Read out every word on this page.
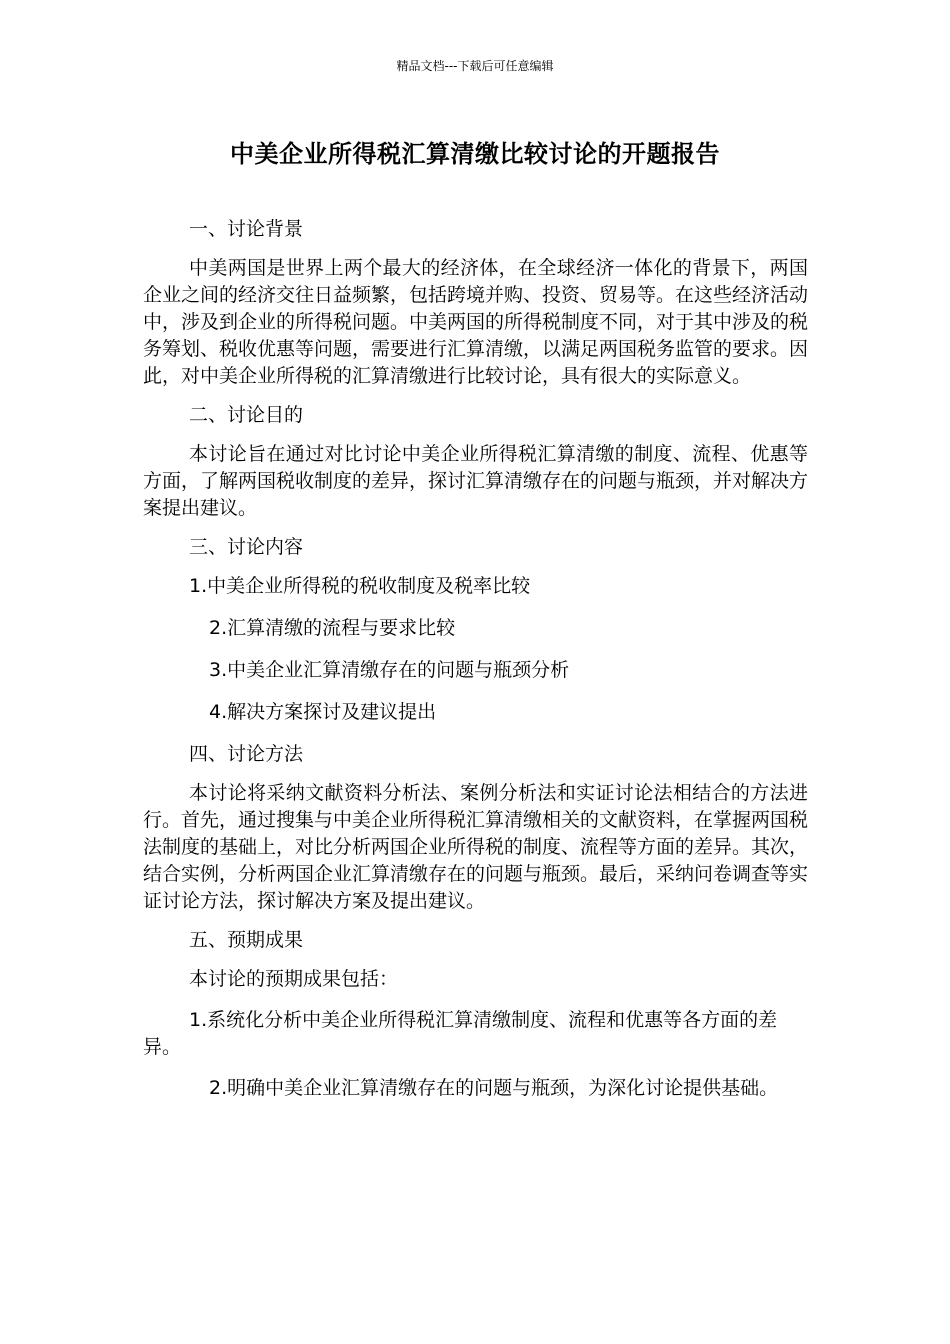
精品文档---下载后可任意编辑
中美企业所得税汇算清缴比较讨论的开题报告
一、讨论背景
中美两国是世界上两个最大的经济体，在全球经济一体化的背景下，两国企业之间的经济交往日益频繁，包括跨境并购、投资、贸易等。在这些经济活动中，涉及到企业的所得税问题。中美两国的所得税制度不同，对于其中涉及的税务筹划、税收优惠等问题，需要进行汇算清缴，以满足两国税务监管的要求。因此，对中美企业所得税的汇算清缴进行比较讨论，具有很大的实际意义。
二、讨论目的
本讨论旨在通过对比讨论中美企业所得税汇算清缴的制度、流程、优惠等方面，了解两国税收制度的差异，探讨汇算清缴存在的问题与瓶颈，并对解决方案提出建议。
三、讨论内容
1.中美企业所得税的税收制度及税率比较
2.汇算清缴的流程与要求比较
3.中美企业汇算清缴存在的问题与瓶颈分析
4.解决方案探讨及建议提出
四、讨论方法
本讨论将采纳文献资料分析法、案例分析法和实证讨论法相结合的方法进行。首先，通过搜集与中美企业所得税汇算清缴相关的文献资料，在掌握两国税法制度的基础上，对比分析两国企业所得税的制度、流程等方面的差异。其次，结合实例，分析两国企业汇算清缴存在的问题与瓶颈。最后，采纳问卷调查等实证讨论方法，探讨解决方案及提出建议。
五、预期成果
本讨论的预期成果包括：
1.系统化分析中美企业所得税汇算清缴制度、流程和优惠等各方面的差异。
2.明确中美企业汇算清缴存在的问题与瓶颈，为深化讨论提供基础。
